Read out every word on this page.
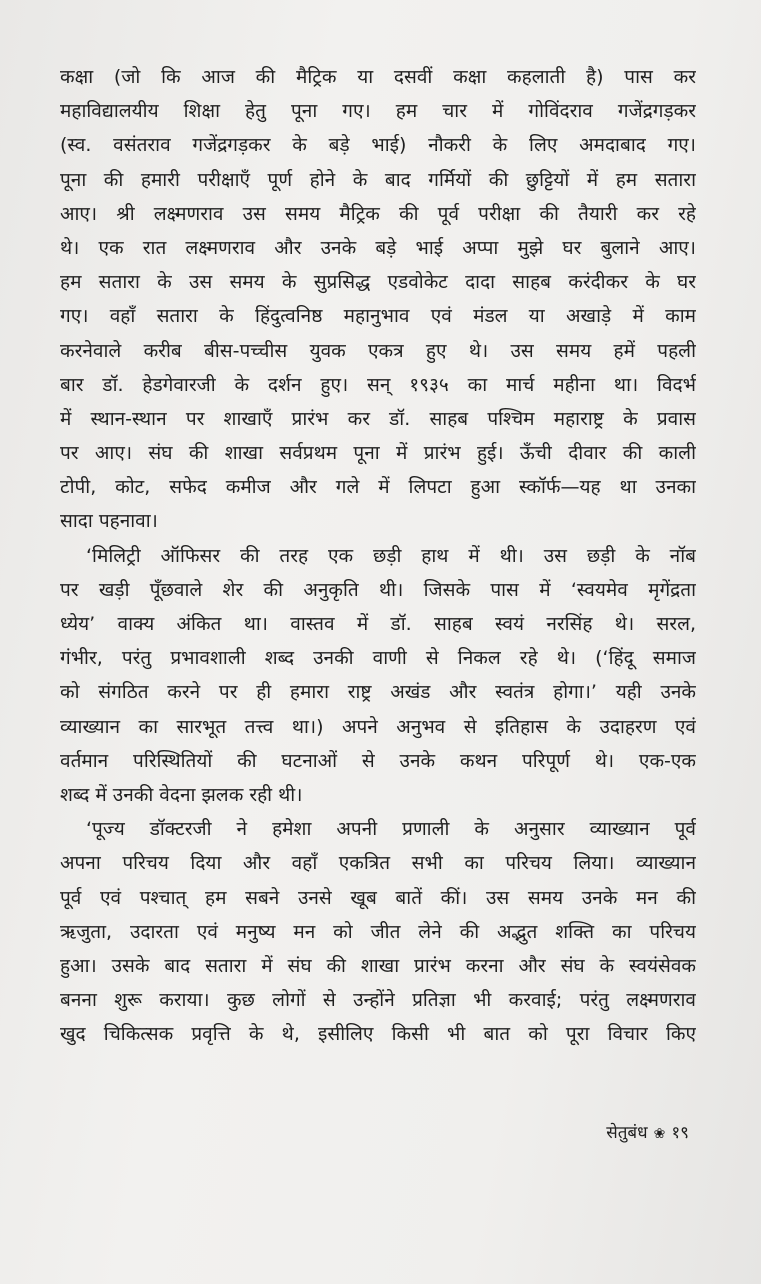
कक्षा (जो कि आज की मैट्रिक या दसवीं कक्षा कहलाती है) पास कर
महाविद्यालयीय शिक्षा हेतु पूना गए। हम चार में गोविंदराव गजेंद्रगड़कर
(स्व. वसंतराव गजेंद्रगड़कर के बड़े भाई) नौकरी के लिए अमदाबाद गए।
पूना की हमारी परीक्षाएँ पूर्ण होने के बाद गर्मियों की छुट्टियों में हम सतारा
आए। श्री लक्ष्मणराव उस समय मैट्रिक की पूर्व परीक्षा की तैयारी कर रहे
थे। एक रात लक्ष्मणराव और उनके बड़े भाई अप्पा मुझे घर बुलाने आए।
हम सतारा के उस समय के सुप्रसिद्ध एडवोकेट दादा साहब करंदीकर के घर
गए। वहाँ सतारा के हिंदुत्वनिष्ठ महानुभाव एवं मंडल या अखाड़े में काम
करनेवाले करीब बीस-पच्चीस युवक एकत्र हुए थे। उस समय हमें पहली
बार डॉ. हेडगेवारजी के दर्शन हुए। सन् १९३५ का मार्च महीना था। विदर्भ
में स्थान-स्थान पर शाखाएँ प्रारंभ कर डॉ. साहब पश्चिम महाराष्ट्र के प्रवास
पर आए। संघ की शाखा सर्वप्रथम पूना में प्रारंभ हुई। ऊँची दीवार की काली
टोपी, कोट, सफेद कमीज और गले में लिपटा हुआ स्कॉर्फ—यह था उनका
सादा पहनावा।
‘मिलिट्री ऑफिसर की तरह एक छड़ी हाथ में थी। उस छड़ी के नॉब
पर खड़ी पूँछवाले शेर की अनुकृति थी। जिसके पास में ‘स्वयमेव मृगेंद्रता
ध्येय’ वाक्य अंकित था। वास्तव में डॉ. साहब स्वयं नरसिंह थे। सरल,
गंभीर, परंतु प्रभावशाली शब्द उनकी वाणी से निकल रहे थे। (‘हिंदू समाज
को संगठित करने पर ही हमारा राष्ट्र अखंड और स्वतंत्र होगा।’ यही उनके
व्याख्यान का सारभूत तत्त्व था।) अपने अनुभव से इतिहास के उदाहरण एवं
वर्तमान परिस्थितियों की घटनाओं से उनके कथन परिपूर्ण थे। एक-एक
शब्द में उनकी वेदना झलक रही थी।
‘पूज्य डॉक्टरजी ने हमेशा अपनी प्रणाली के अनुसार व्याख्यान पूर्व
अपना परिचय दिया और वहाँ एकत्रित सभी का परिचय लिया। व्याख्यान
पूर्व एवं पश्चात् हम सबने उनसे खूब बातें कीं। उस समय उनके मन की
ऋजुता, उदारता एवं मनुष्य मन को जीत लेने की अद्भुत शक्ति का परिचय
हुआ। उसके बाद सतारा में संघ की शाखा प्रारंभ करना और संघ के स्वयंसेवक
बनना शुरू कराया। कुछ लोगों से उन्होंने प्रतिज्ञा भी करवाई; परंतु लक्ष्मणराव
खुद चिकित्सक प्रवृत्ति के थे, इसीलिए किसी भी बात को पूरा विचार किए
सेतुबंध ❀ १९
